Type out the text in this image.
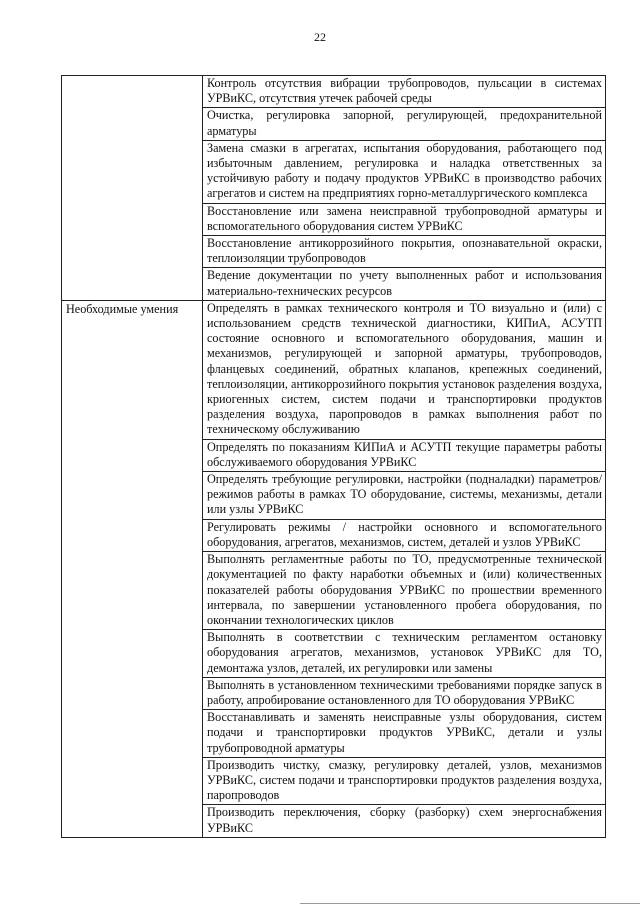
22
	Контроль отсутствия вибрации трубопроводов, пульсации в системах УРВиКС, отсутствия утечек рабочей среды
	Очистка, регулировка запорной, регулирующей, предохранительной арматуры
	Замена смазки в агрегатах, испытания оборудования, работающего под избыточным давлением, регулировка и наладка ответственных за устойчивую работу и подачу продуктов УРВиКС в производство рабочих агрегатов и систем на предприятиях горно-металлургического комплекса
	Восстановление или замена неисправной трубопроводной арматуры и вспомогательного оборудования систем УРВиКС
	Восстановление антикоррозийного покрытия, опознавательной окраски, теплоизоляции трубопроводов
	Ведение документации по учету выполненных работ и использования материально-технических ресурсов

Необходимые умения	Определять в рамках технического контроля и ТО визуально и (или) с использованием средств технической диагностики, КИПиА, АСУТП состояние основного и вспомогательного оборудования, машин и механизмов, регулирующей и запорной арматуры, трубопроводов, фланцевых соединений, обратных клапанов, крепежных соединений, теплоизоляции, антикоррозийного покрытия установок разделения воздуха, криогенных систем, систем подачи и транспортировки продуктов разделения воздуха, паропроводов в рамках выполнения работ по техническому обслуживанию
	Определять по показаниям КИПиА и АСУТП текущие параметры работы обслуживаемого оборудования УРВиКС
	Определять требующие регулировки, настройки (подналадки) параметров/режимов работы в рамках ТО оборудование, системы, механизмы, детали или узлы УРВиКС
	Регулировать режимы / настройки основного и вспомогательного оборудования, агрегатов, механизмов, систем, деталей и узлов УРВиКС
	Выполнять регламентные работы по ТО, предусмотренные технической документацией по факту наработки объемных и (или) количественных показателей работы оборудования УРВиКС по прошествии временного интервала, по завершении установленного пробега оборудования, по окончании технологических циклов
	Выполнять в соответствии с техническим регламентом остановку оборудования агрегатов, механизмов, установок УРВиКС для ТО, демонтажа узлов, деталей, их регулировки или замены
	Выполнять в установленном техническими требованиями порядке запуск в работу, апробирование остановленного для ТО оборудования УРВиКС
	Восстанавливать и заменять неисправные узлы оборудования, систем подачи и транспортировки продуктов УРВиКС, детали и узлы трубопроводной арматуры
	Производить чистку, смазку, регулировку деталей, узлов, механизмов УРВиКС, систем подачи и транспортировки продуктов разделения воздуха, паропроводов
	Производить переключения, сборку (разборку) схем энергоснабжения УРВиКС
